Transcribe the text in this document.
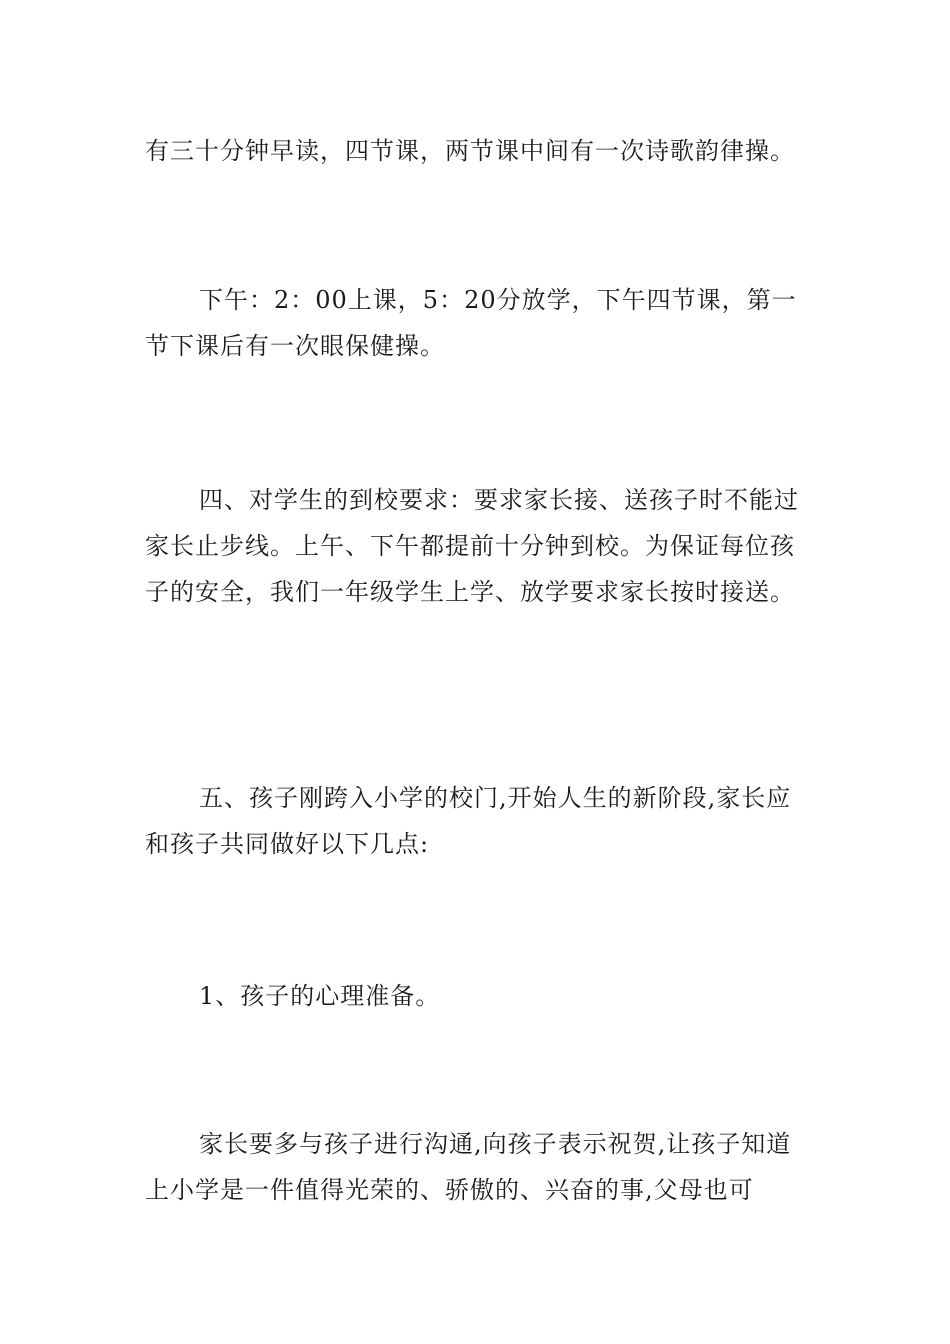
有三十分钟早读，四节课，两节课中间有一次诗歌韵律操。

下午：2：00上课，5：20分放学，下午四节课，第一节下课后有一次眼保健操。

四、对学生的到校要求：要求家长接、送孩子时不能过家长止步线。上午、下午都提前十分钟到校。为保证每位孩子的安全，我们一年级学生上学、放学要求家长按时接送。

五、孩子刚跨入小学的校门,开始人生的新阶段,家长应和孩子共同做好以下几点:

1、孩子的心理准备。

家长要多与孩子进行沟通,向孩子表示祝贺,让孩子知道上小学是一件值得光荣的、骄傲的、兴奋的事,父母也可
